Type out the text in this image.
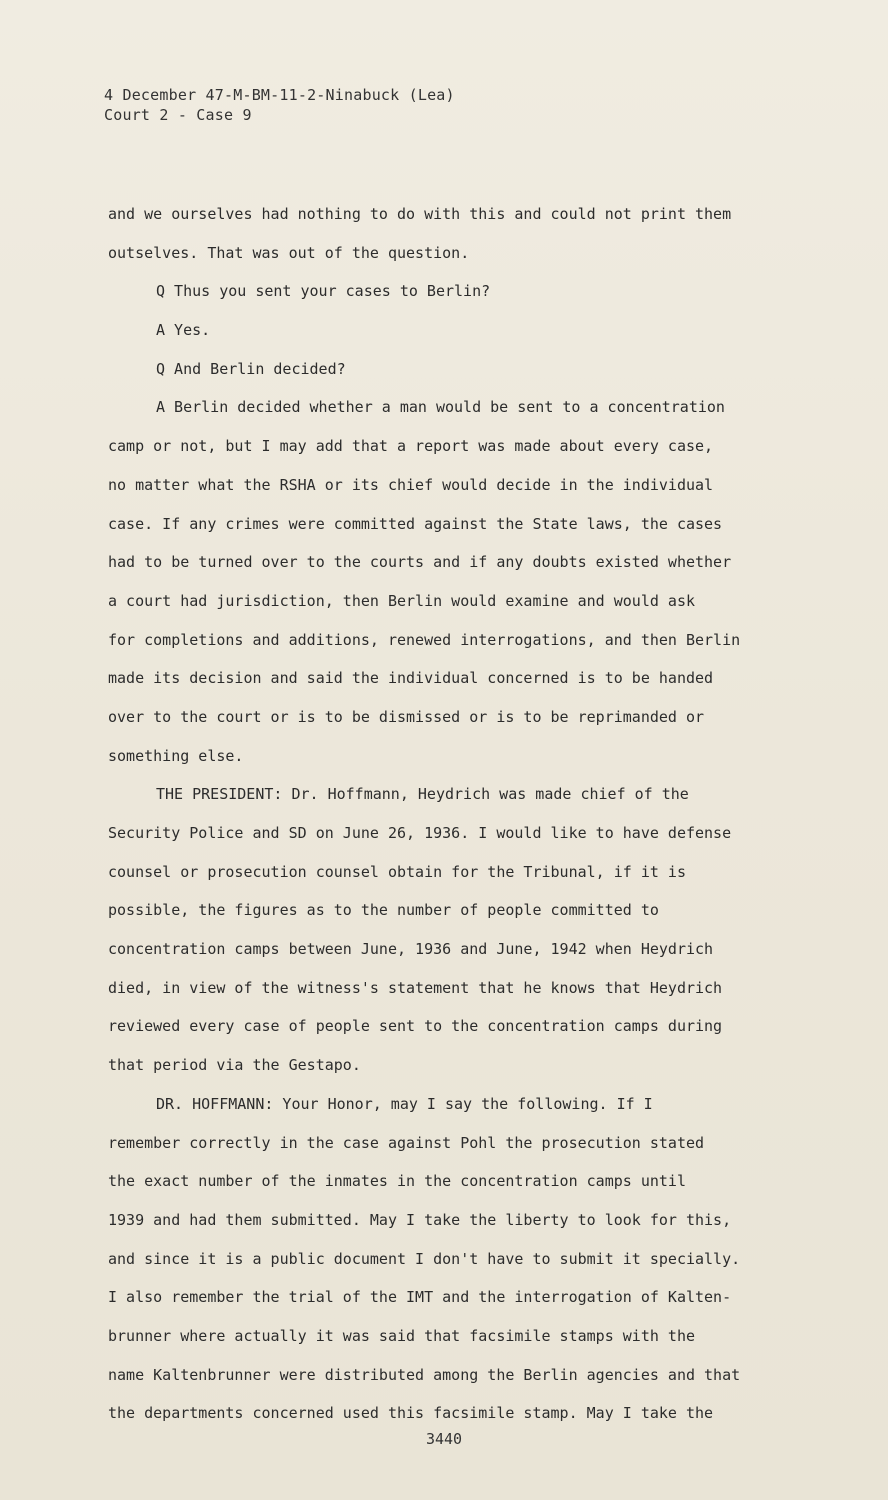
4 December 47-M-BM-11-2-Ninabuck (Lea)
Court 2 - Case 9
and we ourselves had nothing to do with this and could not print them
outselves. That was out of the question.
Q Thus you sent your cases to Berlin?
A Yes.
Q And Berlin decided?
A Berlin decided whether a man would be sent to a concentration
camp or not, but I may add that a report was made about every case,
no matter what the RSHA or its chief would decide in the individual
case. If any crimes were committed against the State laws, the cases
had to be turned over to the courts and if any doubts existed whether
a court had jurisdiction, then Berlin would examine and would ask
for completions and additions, renewed interrogations, and then Berlin
made its decision and said the individual concerned is to be handed
over to the court or is to be dismissed or is to be reprimanded or
something else.
THE PRESIDENT: Dr. Hoffmann, Heydrich was made chief of the
Security Police and SD on June 26, 1936. I would like to have defense
counsel or prosecution counsel obtain for the Tribunal, if it is
possible, the figures as to the number of people committed to
concentration camps between June, 1936 and June, 1942 when Heydrich
died, in view of the witness's statement that he knows that Heydrich
reviewed every case of people sent to the concentration camps during
that period via the Gestapo.
DR. HOFFMANN: Your Honor, may I say the following. If I
remember correctly in the case against Pohl the prosecution stated
the exact number of the inmates in the concentration camps until
1939 and had them submitted. May I take the liberty to look for this,
and since it is a public document I don't have to submit it specially.
I also remember the trial of the IMT and the interrogation of Kalten-
brunner where actually it was said that facsimile stamps with the
name Kaltenbrunner were distributed among the Berlin agencies and that
the departments concerned used this facsimile stamp. May I take the
3440
